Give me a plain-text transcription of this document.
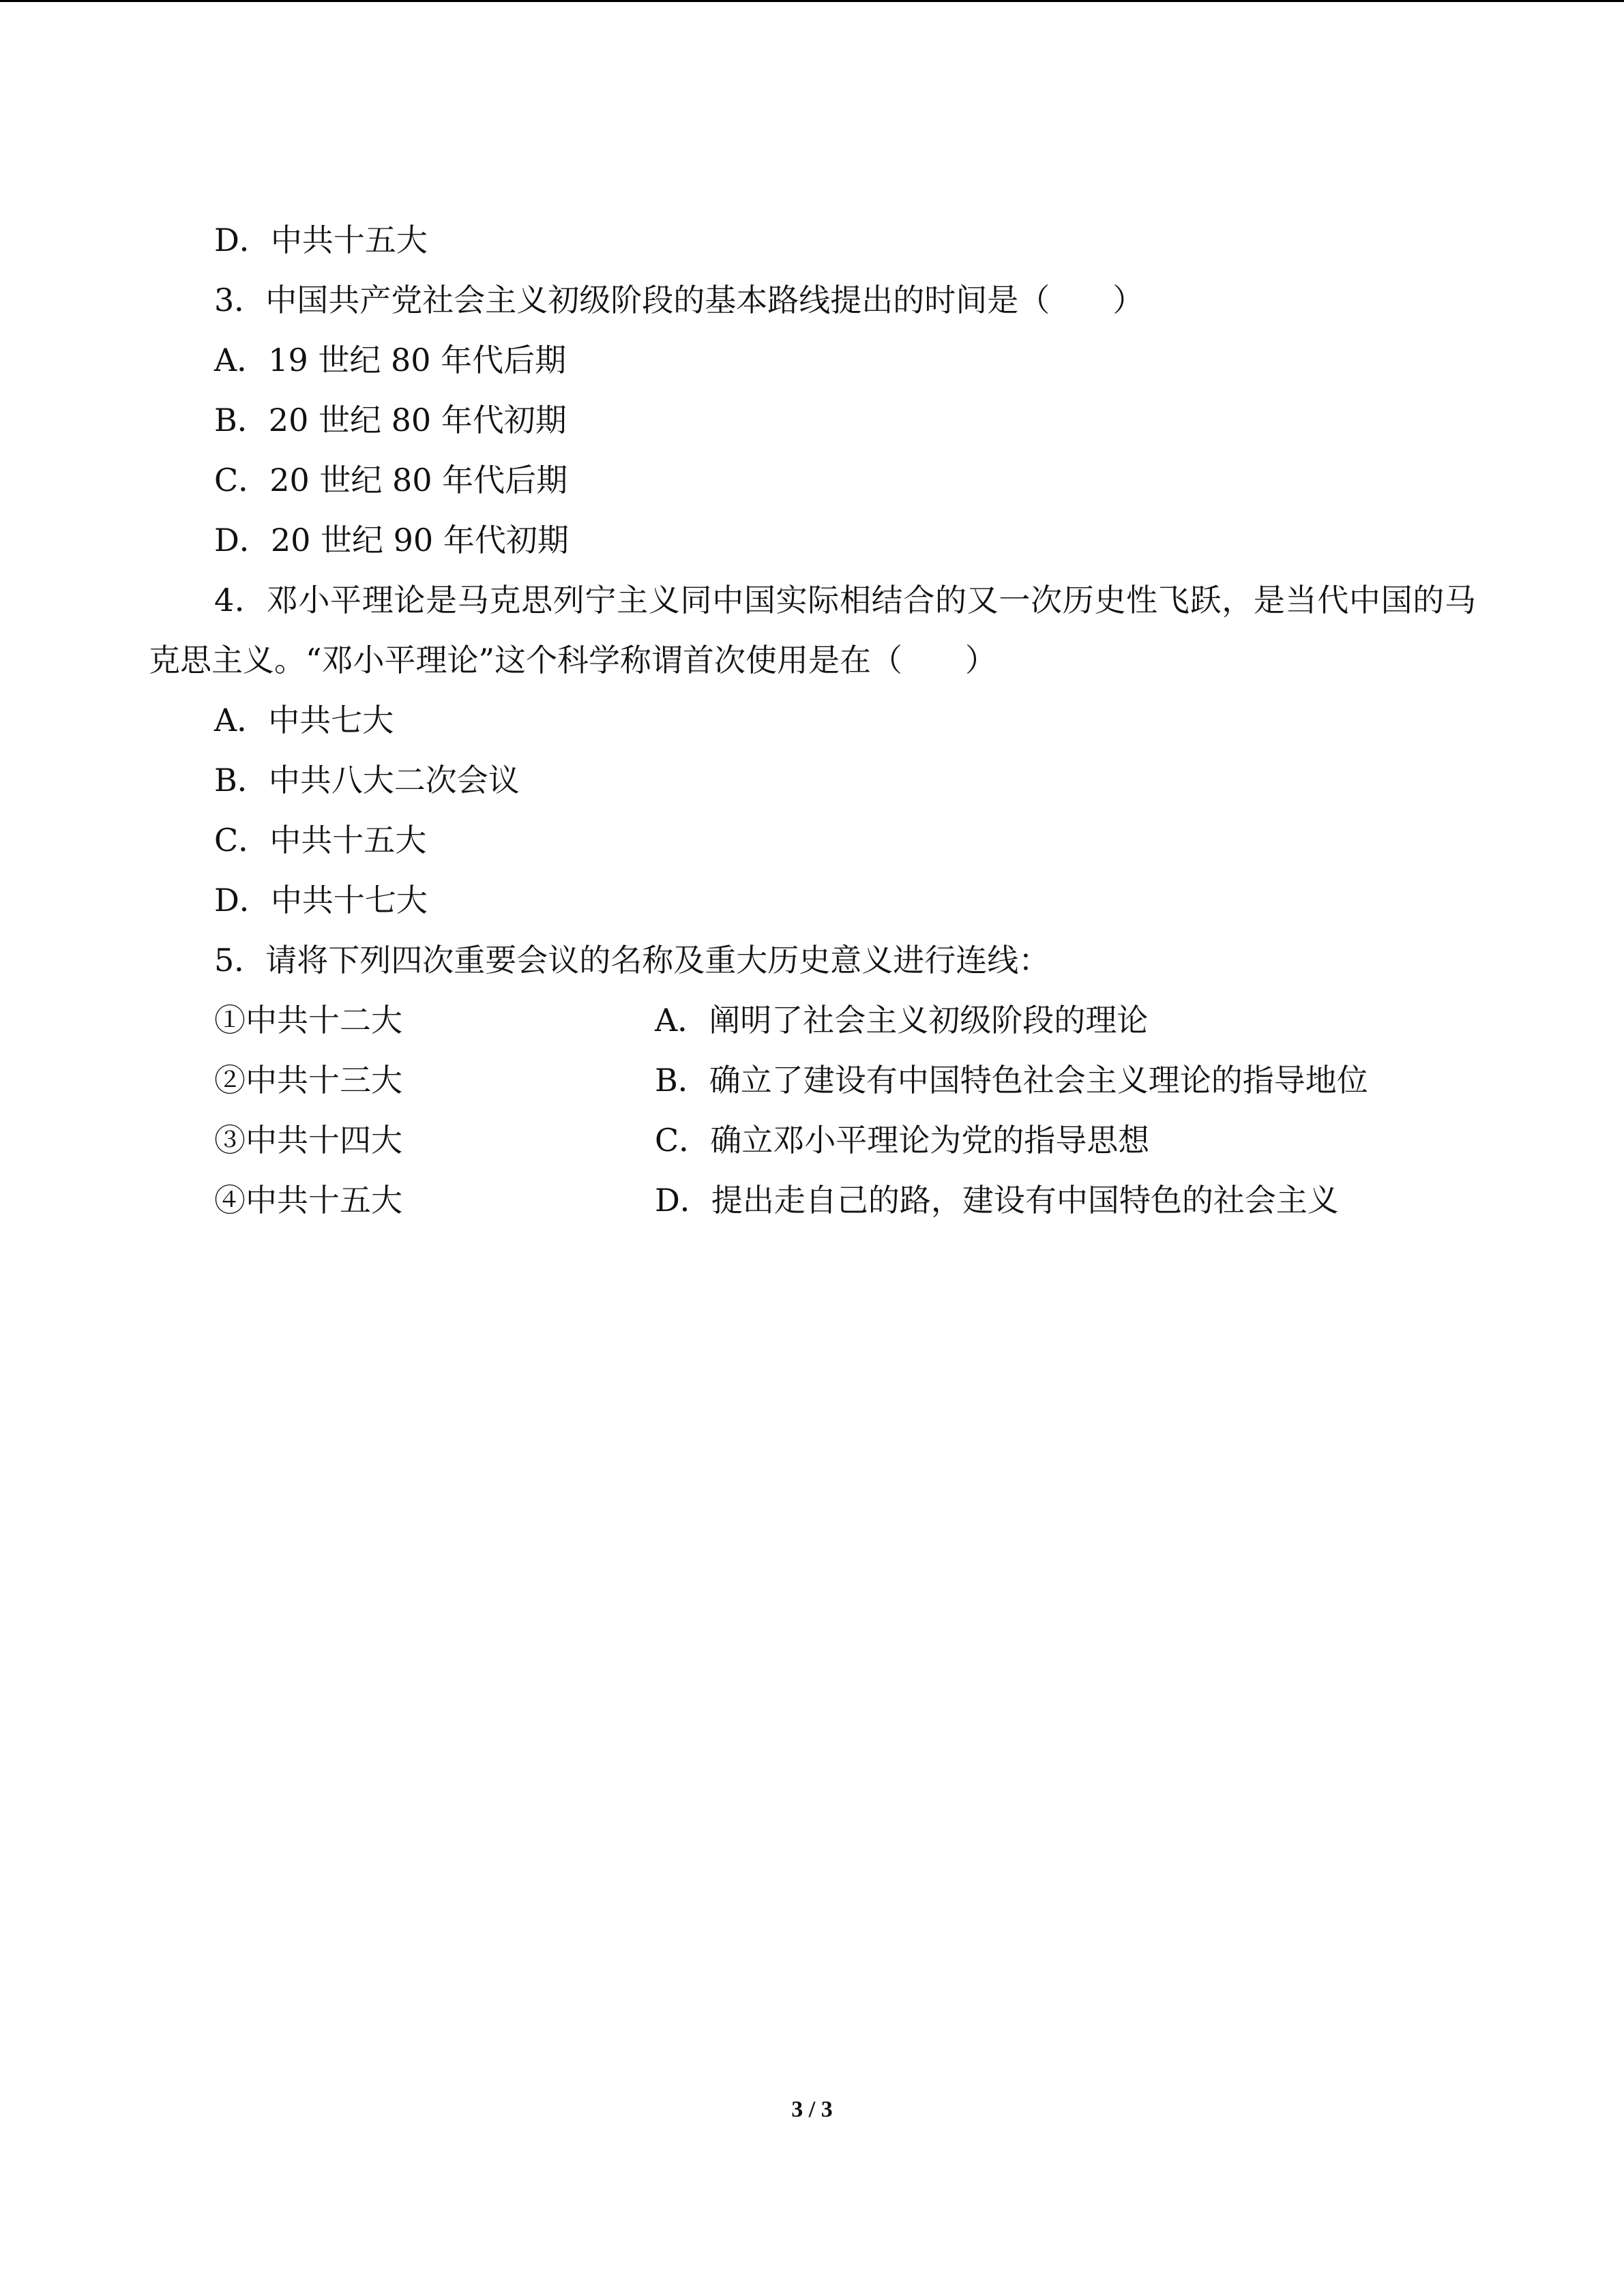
D．中共十五大
3．中国共产党社会主义初级阶段的基本路线提出的时间是（ ）
A．19 世纪 80 年代后期
B．20 世纪 80 年代初期
C．20 世纪 80 年代后期
D．20 世纪 90 年代初期

4．邓小平理论是马克思列宁主义同中国实际相结合的又一次历史性飞跃，是当代中国的马克思主义。“邓小平理论”这个科学称谓首次使用是在（ ）

A．中共七大
B．中共八大二次会议
C．中共十五大
D．中共十七大
5．请将下列四次重要会议的名称及重大历史意义进行连线：
①中共十二大	A．阐明了社会主义初级阶段的理论
②中共十三大	B．确立了建设有中国特色社会主义理论的指导地位
③中共十四大	C．确立邓小平理论为党的指导思想
④中共十五大	D．提出走自己的路，建设有中国特色的社会主义
3 / 3
